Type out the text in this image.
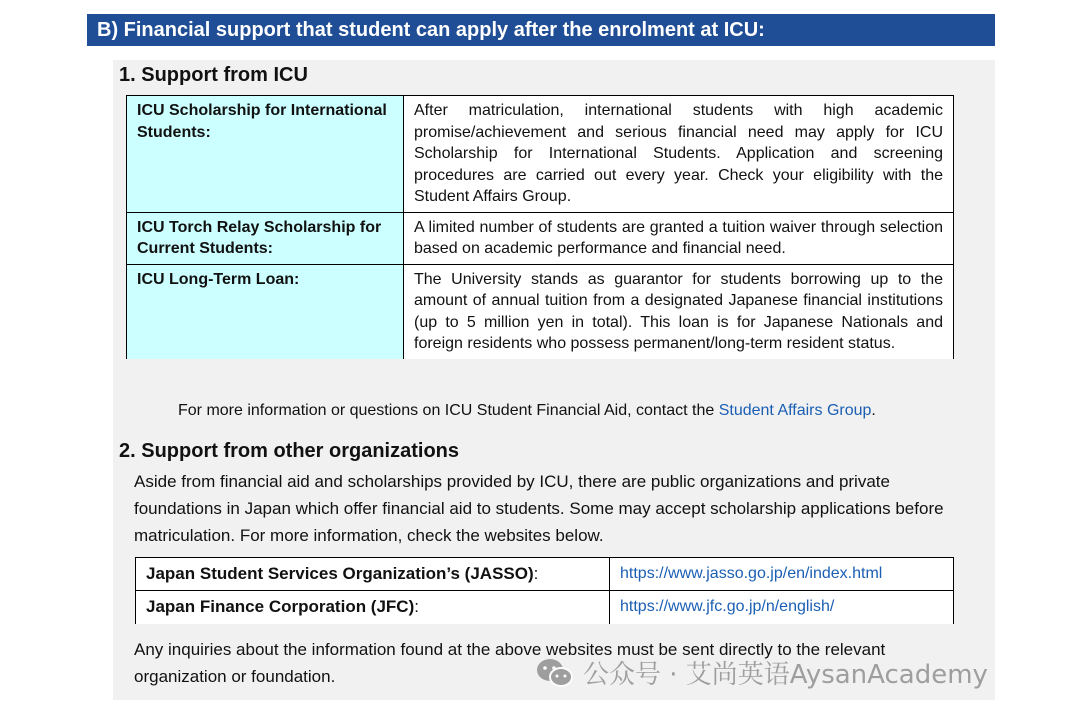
B) Financial support that student can apply after the enrolment at ICU:
1. Support from ICU
ICU Scholarship for International Students:	After matriculation, international students with high academic promise/achievement and serious financial need may apply for ICU Scholarship for International Students. Application and screening procedures are carried out every year. Check your eligibility with the Student Affairs Group.
ICU Torch Relay Scholarship for Current Students:	A limited number of students are granted a tuition waiver through selection based on academic performance and financial need.
ICU Long-Term Loan:	The University stands as guarantor for students borrowing up to the amount of annual tuition from a designated Japanese financial institutions (up to 5 million yen in total). This loan is for Japanese Nationals and foreign residents who possess permanent/long-term resident status.
For more information or questions on ICU Student Financial Aid, contact the Student Affairs Group.
2. Support from other organizations
Aside from financial aid and scholarships provided by ICU, there are public organizations and private foundations in Japan which offer financial aid to students. Some may accept scholarship applications before matriculation. For more information, check the websites below.
Japan Student Services Organization’s (JASSO):	https://www.jasso.go.jp/en/index.html
Japan Finance Corporation (JFC):	https://www.jfc.go.jp/n/english/
Any inquiries about the information found at the above websites must be sent directly to the relevant organization or foundation.	公众号 · 艾尚英语AysanAcademy
